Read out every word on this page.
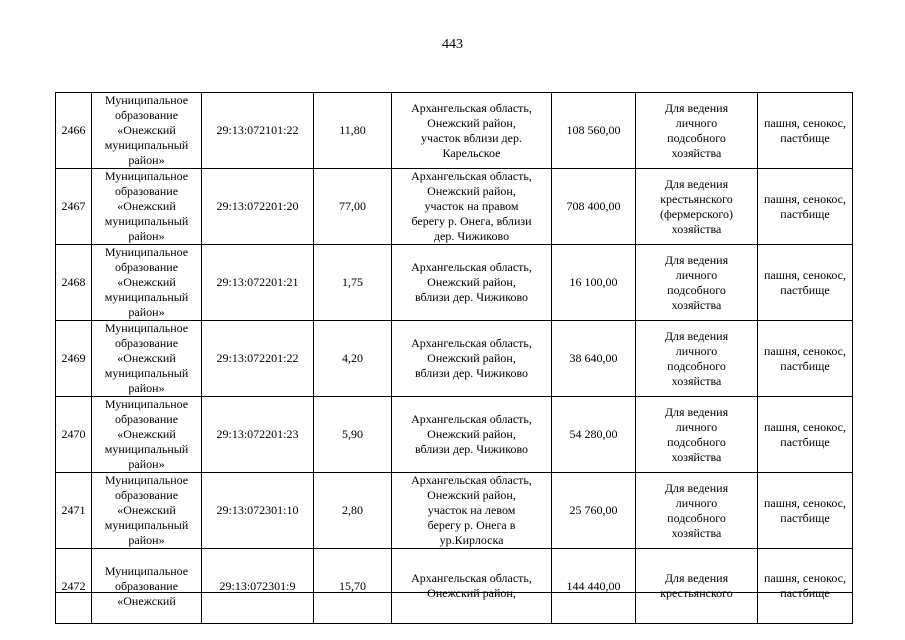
443
2466	Муниципальное
образование
«Онежский
муниципальный
район»	29:13:072101:22	11,80	Архангельская область,
Онежский район,
участок вблизи дер.
Карельское	108 560,00	Для ведения
личного
подсобного
хозяйства	пашня, сенокос,
пастбище
2467	Муниципальное
образование
«Онежский
муниципальный
район»	29:13:072201:20	77,00	Архангельская область,
Онежский район,
участок на правом
берегу р. Онега, вблизи
дер. Чижиково	708 400,00	Для ведения
крестьянского
(фермерского)
хозяйства	пашня, сенокос,
пастбище
2468	Муниципальное
образование
«Онежский
муниципальный
район»	29:13:072201:21	1,75	Архангельская область,
Онежский район,
вблизи дер. Чижиково	16 100,00	Для ведения
личного
подсобного
хозяйства	пашня, сенокос,
пастбище
2469	Муниципальное
образование
«Онежский
муниципальный
район»	29:13:072201:22	4,20	Архангельская область,
Онежский район,
вблизи дер. Чижиково	38 640,00	Для ведения
личного
подсобного
хозяйства	пашня, сенокос,
пастбище
2470	Муниципальное
образование
«Онежский
муниципальный
район»	29:13:072201:23	5,90	Архангельская область,
Онежский район,
вблизи дер. Чижиково	54 280,00	Для ведения
личного
подсобного
хозяйства	пашня, сенокос,
пастбище
2471	Муниципальное
образование
«Онежский
муниципальный
район»	29:13:072301:10	2,80	Архангельская область,
Онежский район,
участок на левом
берегу р. Онега в
ур.Кирлоска	25 760,00	Для ведения
личного
подсобного
хозяйства	пашня, сенокос,
пастбище
2472	Муниципальное
образование
«Онежский	29:13:072301:9	15,70	Архангельская область,
Онежский район,	144 440,00	Для ведения
крестьянского	пашня, сенокос,
пастбище
